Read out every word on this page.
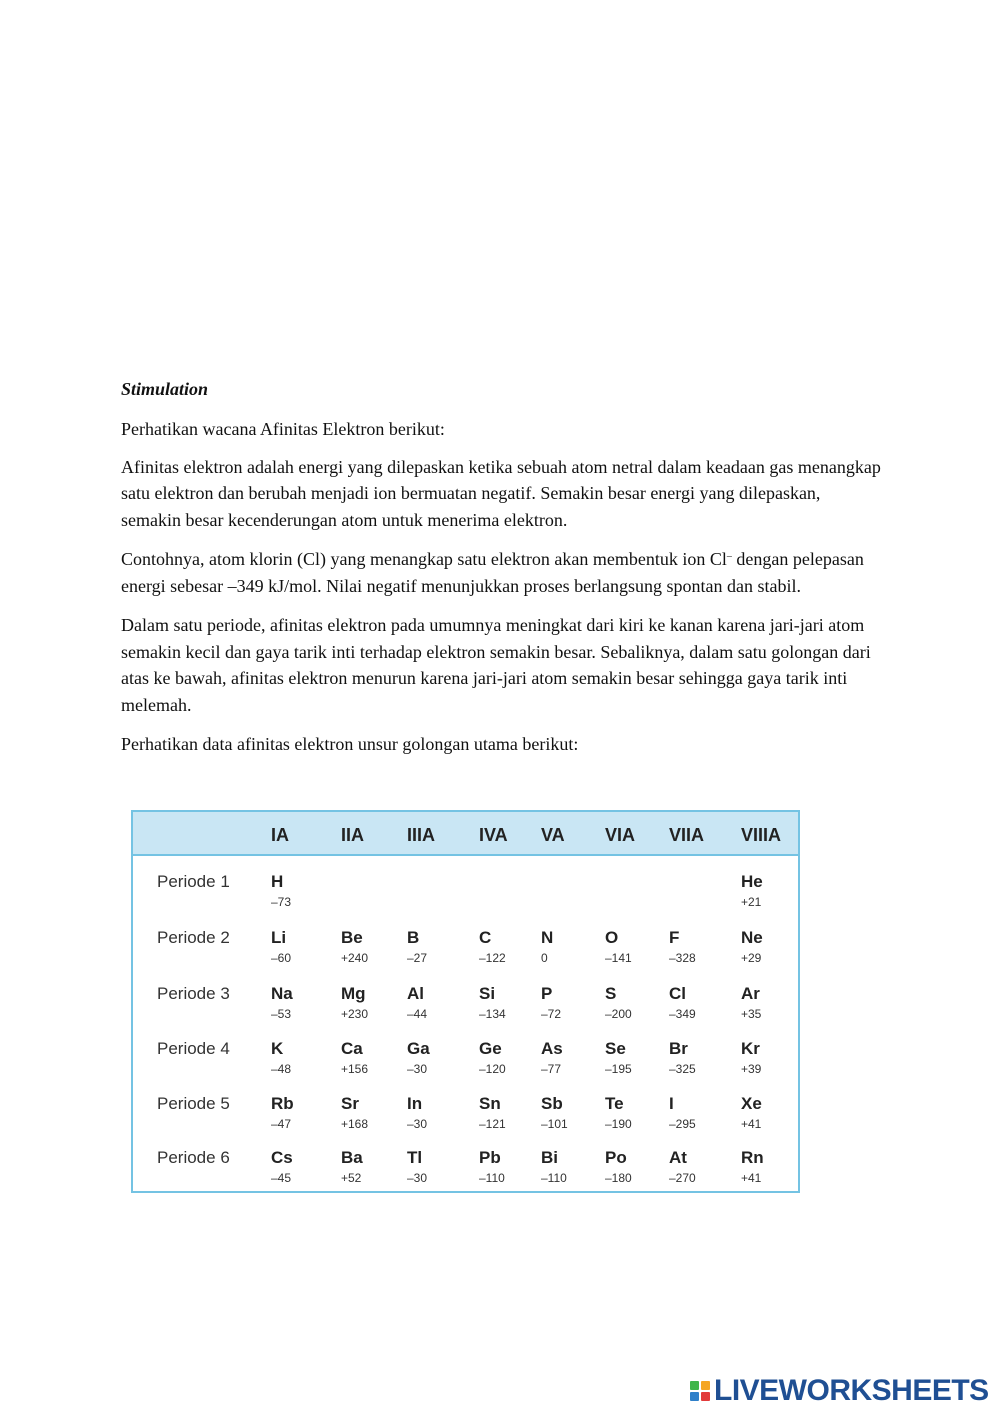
Stimulation

Perhatikan wacana Afinitas Elektron berikut:

Afinitas elektron adalah energi yang dilepaskan ketika sebuah atom netral dalam keadaan gas menangkap satu elektron dan berubah menjadi ion bermuatan negatif. Semakin besar energi yang dilepaskan, semakin besar kecenderungan atom untuk menerima elektron.

Contohnya, atom klorin (Cl) yang menangkap satu elektron akan membentuk ion Cl– dengan pelepasan energi sebesar –349 kJ/mol. Nilai negatif menunjukkan proses berlangsung spontan dan stabil.

Dalam satu periode, afinitas elektron pada umumnya meningkat dari kiri ke kanan karena jari-jari atom semakin kecil dan gaya tarik inti terhadap elektron semakin besar. Sebaliknya, dalam satu golongan dari atas ke bawah, afinitas elektron menurun karena jari-jari atom semakin besar sehingga gaya tarik inti melemah.

Perhatikan data afinitas elektron unsur golongan utama berikut:

IA	IIA IIIA IVA VA VIA VIIA VIIIA
Periode 1 H
–73
He
+21
Periode 2 Li
–60
Be
+240
B
–27
C
–122
N
0
O
–141
F
–328
Ne
+29
Periode 3 Na
–53
Mg
+230
Al
–44
Si
–134
P
–72
S
–200
Cl
–349
Ar
+35
Periode 4 K
–48
Ca
+156
Ga
–30
Ge
–120
As
–77
Se
–195
Br
–325
Kr
+39
Periode 5 Rb
–47
Sr
+168
In
–30
Sn
–121
Sb
–101
Te
–190
I
–295
Xe
+41
Periode 6 Cs
–45
Ba
+52
Tl
–30
Pb
–110
Bi
–110
Po
–180
At
–270
Rn
+41
LIVEWORKSHEETS
